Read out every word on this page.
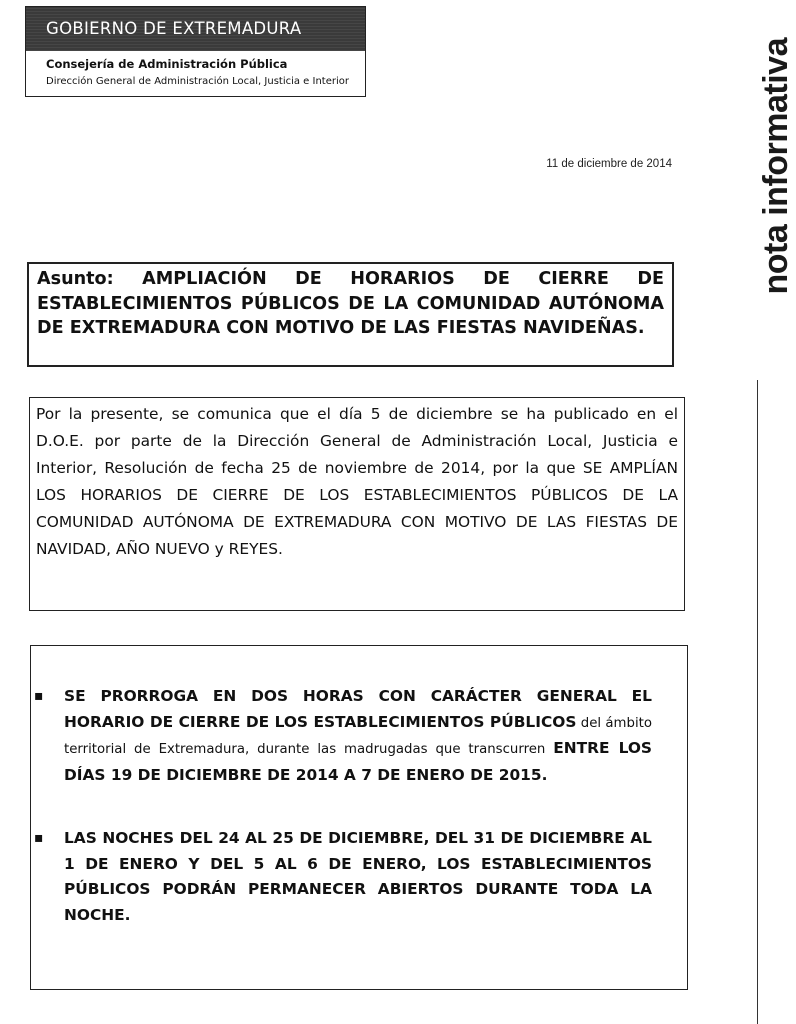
GOBIERNO DE EXTREMADURA
Consejería de Administración Pública
Dirección General de Administración Local, Justicia e Interior
11 de diciembre de 2014	nota informativa
Asunto: AMPLIACIÓN DE HORARIOS DE CIERRE DE ESTABLECIMIENTOS PÚBLICOS DE LA COMUNIDAD AUTÓNOMA DE EXTREMADURA CON MOTIVO DE LAS FIESTAS NAVIDEÑAS.
Por la presente, se comunica que el día 5 de diciembre se ha publicado en el D.O.E. por parte de la Dirección General de Administración Local, Justicia e Interior, Resolución de fecha 25 de noviembre de 2014, por la que SE AMPLÍAN LOS HORARIOS DE CIERRE DE LOS ESTABLECIMIENTOS PÚBLICOS DE LA COMUNIDAD AUTÓNOMA DE EXTREMADURA CON MOTIVO DE LAS FIESTAS DE NAVIDAD, AÑO NUEVO y REYES.
▪ SE PRORROGA EN DOS HORAS CON CARÁCTER GENERAL EL HORARIO DE CIERRE DE LOS ESTABLECIMIENTOS PÚBLICOS del ámbito territorial de Extremadura, durante las madrugadas que transcurren ENTRE LOS DÍAS 19 DE DICIEMBRE DE 2014 A 7 DE ENERO DE 2015.
▪ LAS NOCHES DEL 24 AL 25 DE DICIEMBRE, DEL 31 DE DICIEMBRE AL 1 DE ENERO Y DEL 5 AL 6 DE ENERO, LOS ESTABLECIMIENTOS PÚBLICOS PODRÁN PERMANECER ABIERTOS DURANTE TODA LA NOCHE.
